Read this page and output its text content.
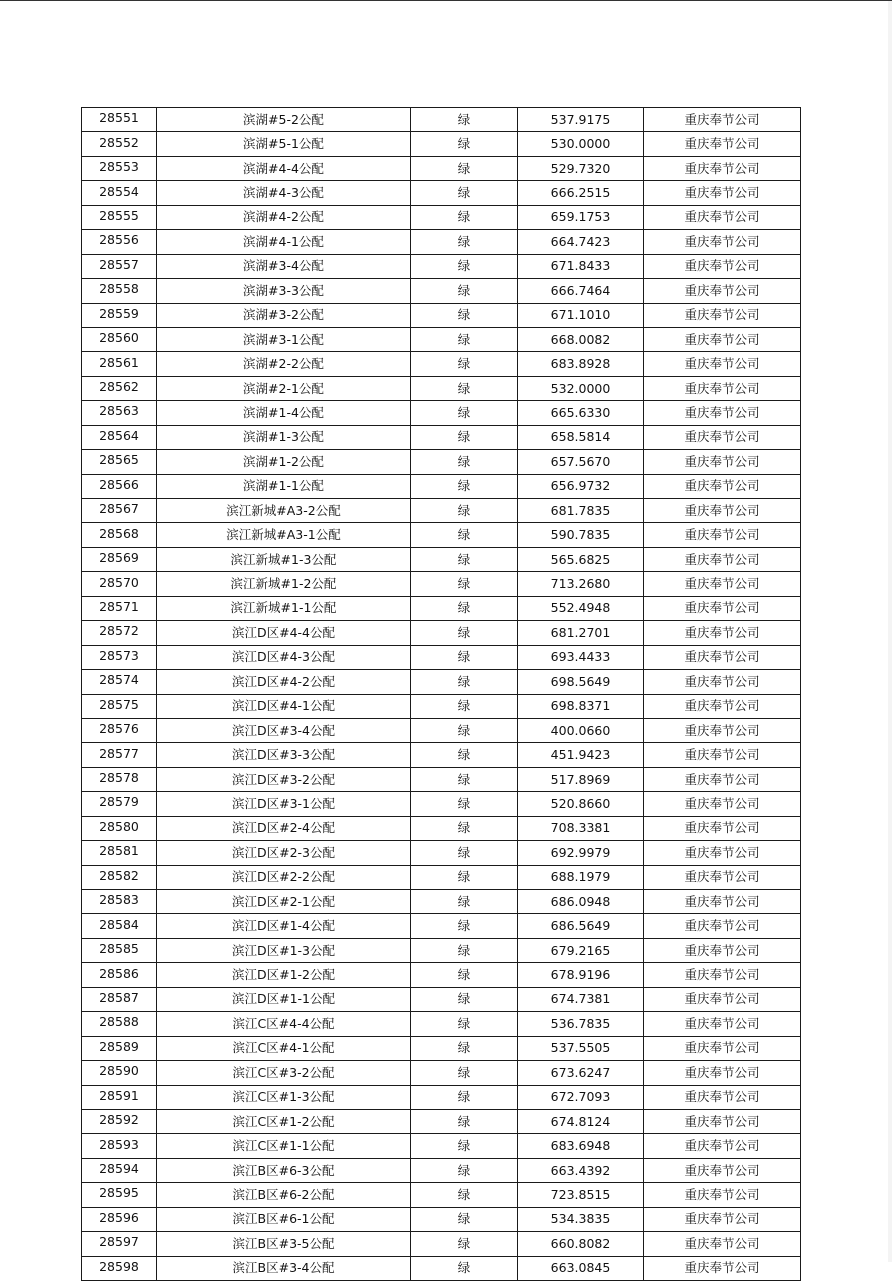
28551	滨湖#5-2公配	绿	537.9175	重庆奉节公司
28552	滨湖#5-1公配	绿	530.0000	重庆奉节公司
28553	滨湖#4-4公配	绿	529.7320	重庆奉节公司
28554	滨湖#4-3公配	绿	666.2515	重庆奉节公司
28555	滨湖#4-2公配	绿	659.1753	重庆奉节公司
28556	滨湖#4-1公配	绿	664.7423	重庆奉节公司
28557	滨湖#3-4公配	绿	671.8433	重庆奉节公司
28558	滨湖#3-3公配	绿	666.7464	重庆奉节公司
28559	滨湖#3-2公配	绿	671.1010	重庆奉节公司
28560	滨湖#3-1公配	绿	668.0082	重庆奉节公司
28561	滨湖#2-2公配	绿	683.8928	重庆奉节公司
28562	滨湖#2-1公配	绿	532.0000	重庆奉节公司
28563	滨湖#1-4公配	绿	665.6330	重庆奉节公司
28564	滨湖#1-3公配	绿	658.5814	重庆奉节公司
28565	滨湖#1-2公配	绿	657.5670	重庆奉节公司
28566	滨湖#1-1公配	绿	656.9732	重庆奉节公司
28567	滨江新城#A3-2公配	绿	681.7835	重庆奉节公司
28568	滨江新城#A3-1公配	绿	590.7835	重庆奉节公司
28569	滨江新城#1-3公配	绿	565.6825	重庆奉节公司
28570	滨江新城#1-2公配	绿	713.2680	重庆奉节公司
28571	滨江新城#1-1公配	绿	552.4948	重庆奉节公司
28572	滨江D区#4-4公配	绿	681.2701	重庆奉节公司
28573	滨江D区#4-3公配	绿	693.4433	重庆奉节公司
28574	滨江D区#4-2公配	绿	698.5649	重庆奉节公司
28575	滨江D区#4-1公配	绿	698.8371	重庆奉节公司
28576	滨江D区#3-4公配	绿	400.0660	重庆奉节公司
28577	滨江D区#3-3公配	绿	451.9423	重庆奉节公司
28578	滨江D区#3-2公配	绿	517.8969	重庆奉节公司
28579	滨江D区#3-1公配	绿	520.8660	重庆奉节公司
28580	滨江D区#2-4公配	绿	708.3381	重庆奉节公司
28581	滨江D区#2-3公配	绿	692.9979	重庆奉节公司
28582	滨江D区#2-2公配	绿	688.1979	重庆奉节公司
28583	滨江D区#2-1公配	绿	686.0948	重庆奉节公司
28584	滨江D区#1-4公配	绿	686.5649	重庆奉节公司
28585	滨江D区#1-3公配	绿	679.2165	重庆奉节公司
28586	滨江D区#1-2公配	绿	678.9196	重庆奉节公司
28587	滨江D区#1-1公配	绿	674.7381	重庆奉节公司
28588	滨江C区#4-4公配	绿	536.7835	重庆奉节公司
28589	滨江C区#4-1公配	绿	537.5505	重庆奉节公司
28590	滨江C区#3-2公配	绿	673.6247	重庆奉节公司
28591	滨江C区#1-3公配	绿	672.7093	重庆奉节公司
28592	滨江C区#1-2公配	绿	674.8124	重庆奉节公司
28593	滨江C区#1-1公配	绿	683.6948	重庆奉节公司
28594	滨江B区#6-3公配	绿	663.4392	重庆奉节公司
28595	滨江B区#6-2公配	绿	723.8515	重庆奉节公司
28596	滨江B区#6-1公配	绿	534.3835	重庆奉节公司
28597	滨江B区#3-5公配	绿	660.8082	重庆奉节公司
28598	滨江B区#3-4公配	绿	663.0845	重庆奉节公司
